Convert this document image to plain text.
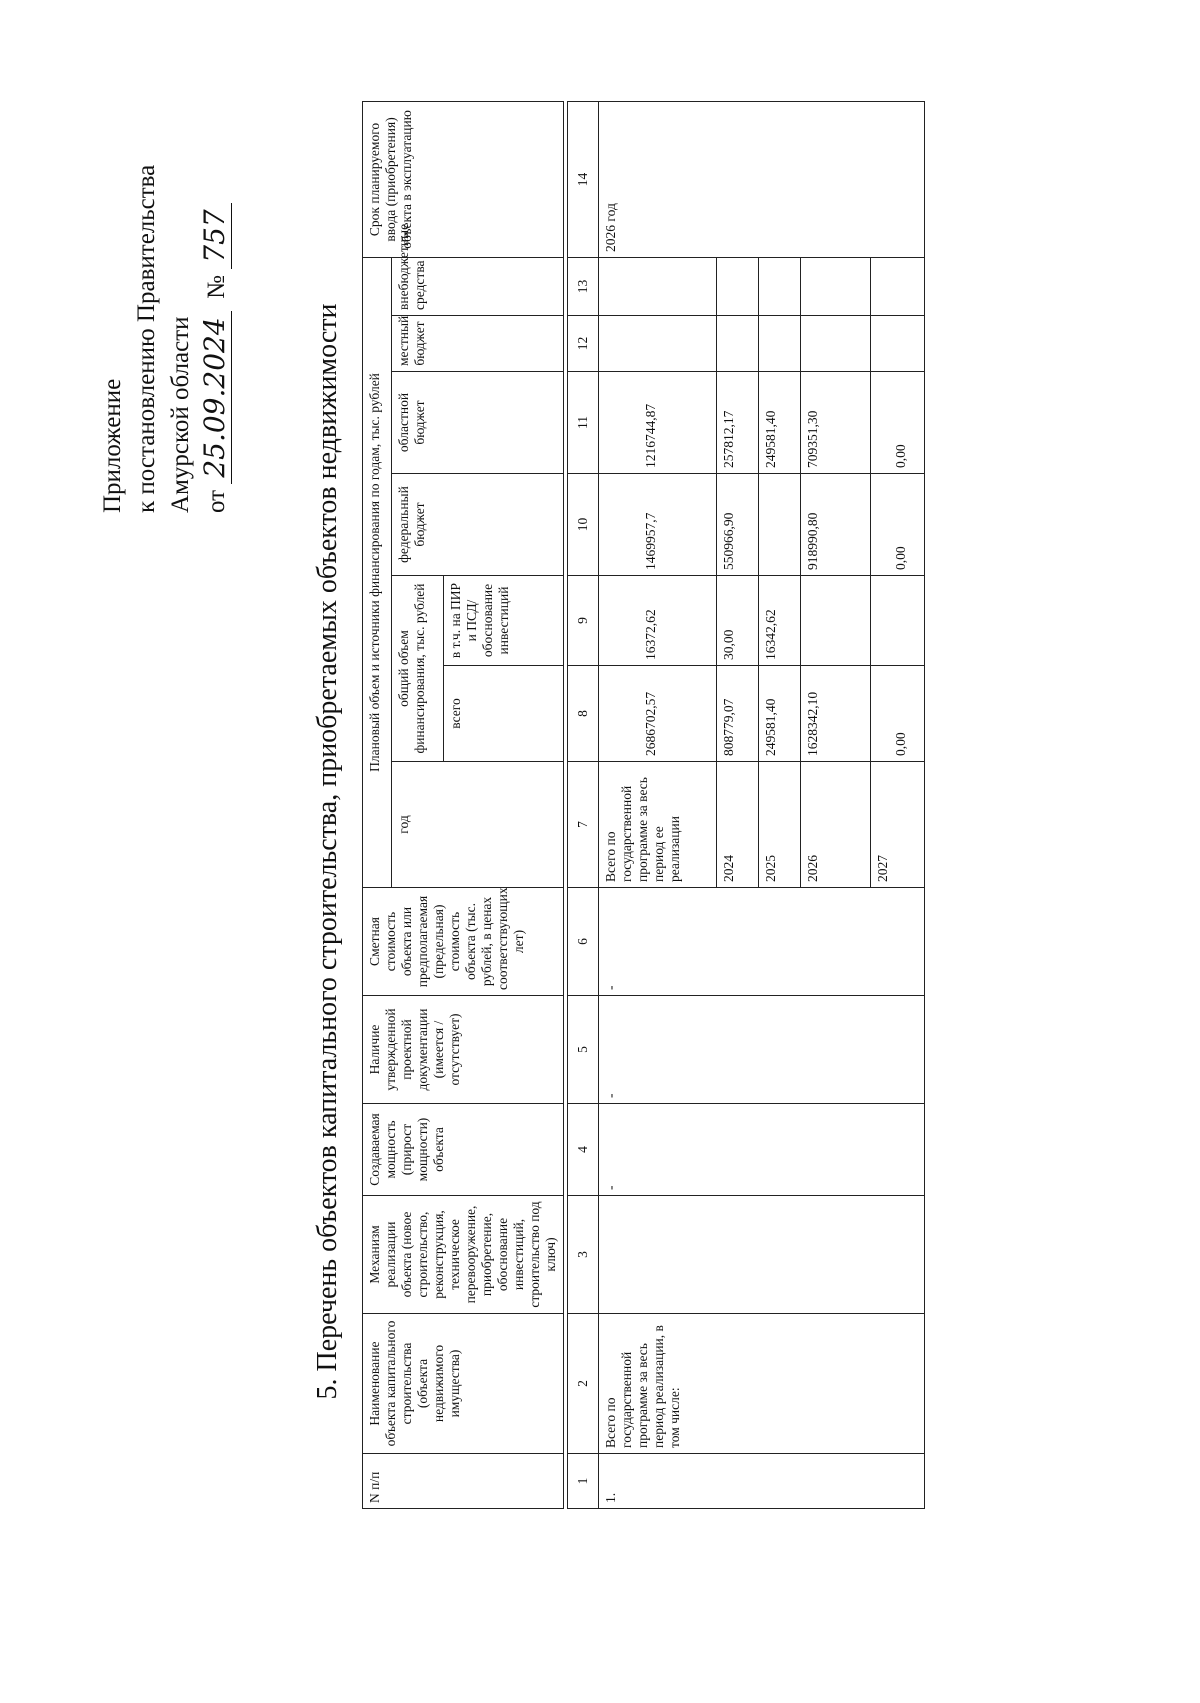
Приложение к постановлению Правительства Амурской области от 25.09.2024  № 757
5. Перечень объектов капитального строительства, приобретаемых объектов недвижимости
N п/п	Наименование объекта капитального строительства (объекта недвижимого имущества)	Механизм реализации объекта (новое строительство, реконструкция, техническое перевооружение, приобретение, обоснование инвестиций, строительство под ключ)	Создаваемая мощность (прирост мощности) объекта	Наличие утвержденной проектной документации (имеется /отсутствует)	Сметная стоимость объекта или предполагаемая (предельная) стоимость объекта (тыс. рублей, в ценах соответствующих лет)	Плановый объем и источники финансирования по годам, тыс. рублей							Срок планируемого ввода (приобретения) объекта в эксплуатацию
						год	общий объем финансирования, тыс. рублей		федеральный бюджет	областной бюджет	местный бюджет	внебюджетные средства	
							всего	в т.ч. на ПИР и ПСД/обоснование инвестиций					

1	2	3	4	5	6	7	8	9	10	11	12	13	14
1.	Всего по государственной программе за весь период реализации, в том числе:		-	-	-	Всего по государственной программе за весь период ее реализации	2686702,57	16372,62	1469957,7	1216744,87			2026 год
						2024	808779,07	30,00	550966,90	257812,17			
						2025	249581,40	16342,62		249581,40			
						2026	1628342,10		918990,80	709351,30			
						2027	0,00		0,00	0,00			
